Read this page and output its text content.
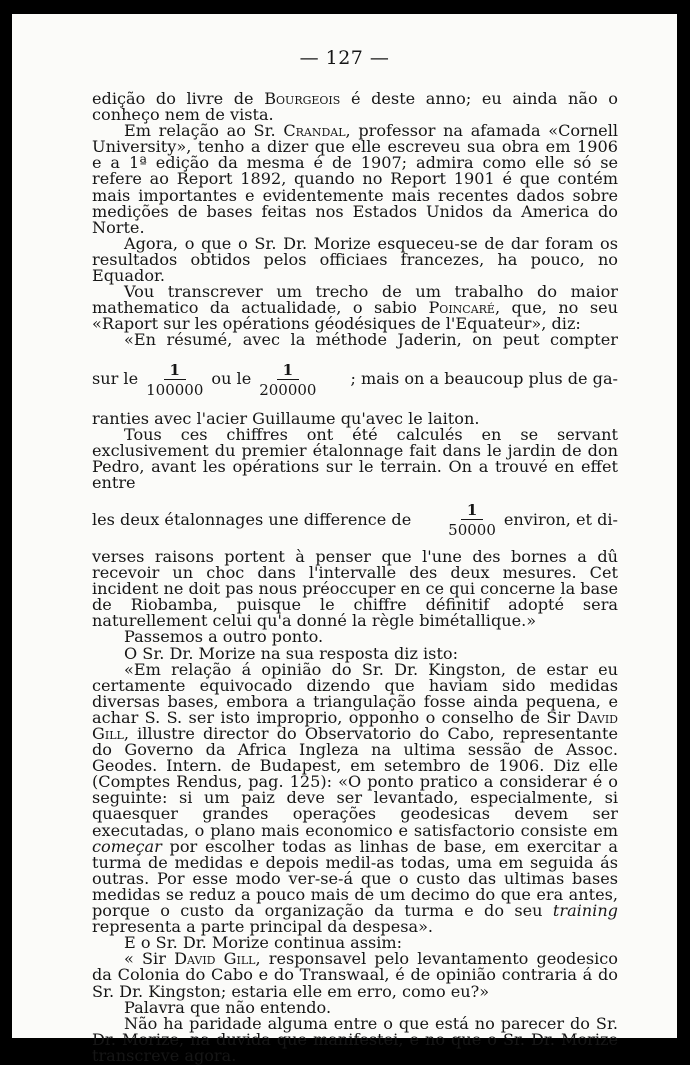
— 127 —

edição do livre de Bourgeois é deste anno; eu ainda não o

conheço nem de vista.

Em relação ao Sr. Crandal, professor na afamada «Cornell University», tenho a dizer que elle escreveu sua obra em 1906 e a 1ª edição da mesma é de 1907; admira como elle só se refere ao Report 1892, quando no Report 1901 é que contém mais importantes e evidentemente mais recentes dados sobre medições de bases feitas nos Estados Unidos da America do Norte.

Agora, o que o Sr. Dr. Morize esqueceu-se de dar foram os resultados obtidos pelos officiaes francezes, ha pouco, no Equador.

Vou transcrever um trecho de um trabalho do maior mathematico da actualidade, o sabio Poincaré, que, no seu «Raport sur les opérations géodésiques de l'Equateur», diz:

«En résumé, avec la méthode Jaderin, on peut compter

sur le $\frac{1}{100000}$ ou le $\frac{1}{200000}$ ; mais on a beaucoup plus de ga-

ranties avec l'acier Guillaume qu'avec le laiton.

Tous ces chiffres ont été calculés en se servant exclusivement du premier étalonnage fait dans le jardin de don Pedro, avant les opérations sur le terrain. On a trouvé en effet entre

les deux étalonnages une difference de $\frac{1}{50000}$ environ, et di-

verses raisons portent à penser que l'une des bornes a dû recevoir un choc dans l'intervalle des deux mesures. Cet incident ne doit pas nous préoccuper en ce qui concerne la base de Riobamba, puisque le chiffre définitif adopté sera naturellement celui qu'a donné la règle bimétallique.»

Passemos a outro ponto.

O Sr. Dr. Morize na sua resposta diz isto:

«Em relação á opinião do Sr. Dr. Kingston, de estar eu certamente equivocado dizendo que haviam sido medidas diversas bases, embora a triangulação fosse ainda pequena, e achar S. S. ser isto improprio, opponho o conselho de Sir David Gill, illustre director do Observatorio do Cabo, representante do Governo da Africa Ingleza na ultima sessão de Assoc. Geodes. Intern. de Budapest, em setembro de 1906. Diz elle (Comptes Rendus, pag. 125): «O ponto pratico a considerar é o seguinte: si um paiz deve ser levantado, especialmente, si quaesquer grandes operações geodesicas devem ser executadas, o plano mais economico e satisfactorio consiste em começar por escolher todas as linhas de base, em exercitar a turma de medidas e depois medil-as todas, uma em seguida ás outras. Por esse modo ver-se-á que o custo das ultimas bases medidas se reduz a pouco mais de um decimo do que era antes, porque o custo da organização da turma e do seu training representa a parte principal da despesa».

E o Sr. Dr. Morize continua assim:

« Sir David Gill, responsavel pelo levantamento geodesico da Colonia do Cabo e do Transwaal, é de opinião contraria á do Sr. Dr. Kingston; estaria elle em erro, como eu?»

Palavra que não entendo.

Não ha paridade alguma entre o que está no parecer do Sr. Dr. Morize, na duvida que manifestei, e no que o Sr. Dr. Morize transcreve agora.
